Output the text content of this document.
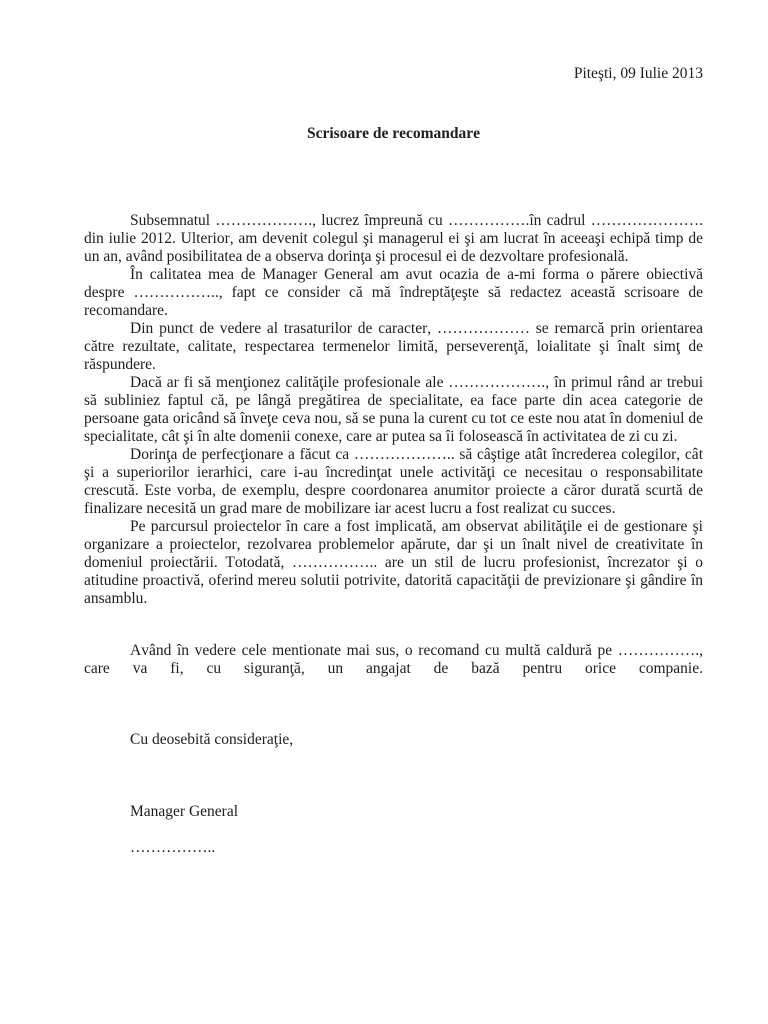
Piteşti, 09 Iulie 2013
Scrisoare de recomandare

Subsemnatul ………………., lucrez împreună cu …………….în cadrul …………………. din iulie 2012. Ulterior, am devenit colegul şi managerul ei şi am lucrat în aceeaşi echipă timp de un an, având posibilitatea de a observa dorinţa şi procesul ei de dezvoltare profesională.

În calitatea mea de Manager General am avut ocazia de a-mi forma o părere obiectivă despre …………….., fapt ce consider că mă îndreptăţeşte să redactez această scrisoare de recomandare.

Din punct de vedere al trasaturilor de caracter, ……………… se remarcă prin orientarea către rezultate, calitate, respectarea termenelor limită, perseverenţă, loialitate şi înalt simţ de răspundere.

Dacă ar fi să menţionez calităţile profesionale ale ………………., în primul rând ar trebui să subliniez faptul că, pe lângă pregătirea de specialitate, ea face parte din acea categorie de persoane gata oricând să înveţe ceva nou, să se puna la curent cu tot ce este nou atat în domeniul de specialitate, cât şi în alte domenii conexe, care ar putea sa îi folosească în activitatea de zi cu zi.

Dorinţa de perfecţionare a făcut ca ……………….. să câştige atât încrederea colegilor, cât şi a superiorilor ierarhici, care i-au încredinţat unele activităţi ce necesitau o responsabilitate crescută. Este vorba, de exemplu, despre coordonarea anumitor proiecte a căror durată scurtă de finalizare necesită un grad mare de mobilizare iar acest lucru a fost realizat cu succes.

Pe parcursul proiectelor în care a fost implicată, am observat abilităţile ei de gestionare şi organizare a proiectelor, rezolvarea problemelor apărute, dar şi un înalt nivel de creativitate în domeniul proiectării. Totodată, …………….. are un stil de lucru profesionist, încrezator şi o atitudine proactivă, oferind mereu solutii potrivite, datorită capacităţii de previzionare şi gândire în ansamblu.

Având în vedere cele mentionate mai sus, o recomand cu multă caldură pe ……………., care va fi, cu siguranţă, un angajat de bază pentru orice companie.

Cu deosebită consideraţie,

Manager General

……………..
